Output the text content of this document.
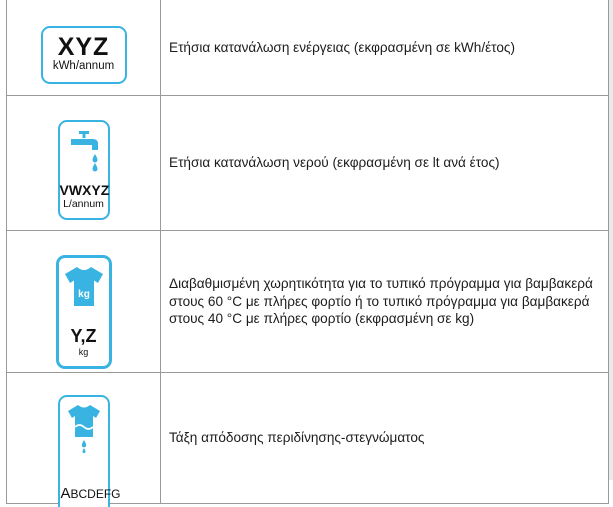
XYZ
kWh/annum	Ετήσια κατανάλωση ενέργειας (εκφρασμένη σε kWh/έτος)

VWXYZ
L/annum	Ετήσια κατανάλωση νερού (εκφρασμένη σε lt ανά έτος)

kg
Y,Z
kg	Διαβαθμισμένη χωρητικότητα για το τυπικό πρόγραμμα για βαμβακερά στους 60 °C με πλήρες φορτίο ή το τυπικό πρόγραμμα για βαμβακερά στους 40 °C με πλήρες φορτίο (εκφρασμένη σε kg)

ABCDEFG	Τάξη απόδοσης περιδίνησης-στεγνώματος
